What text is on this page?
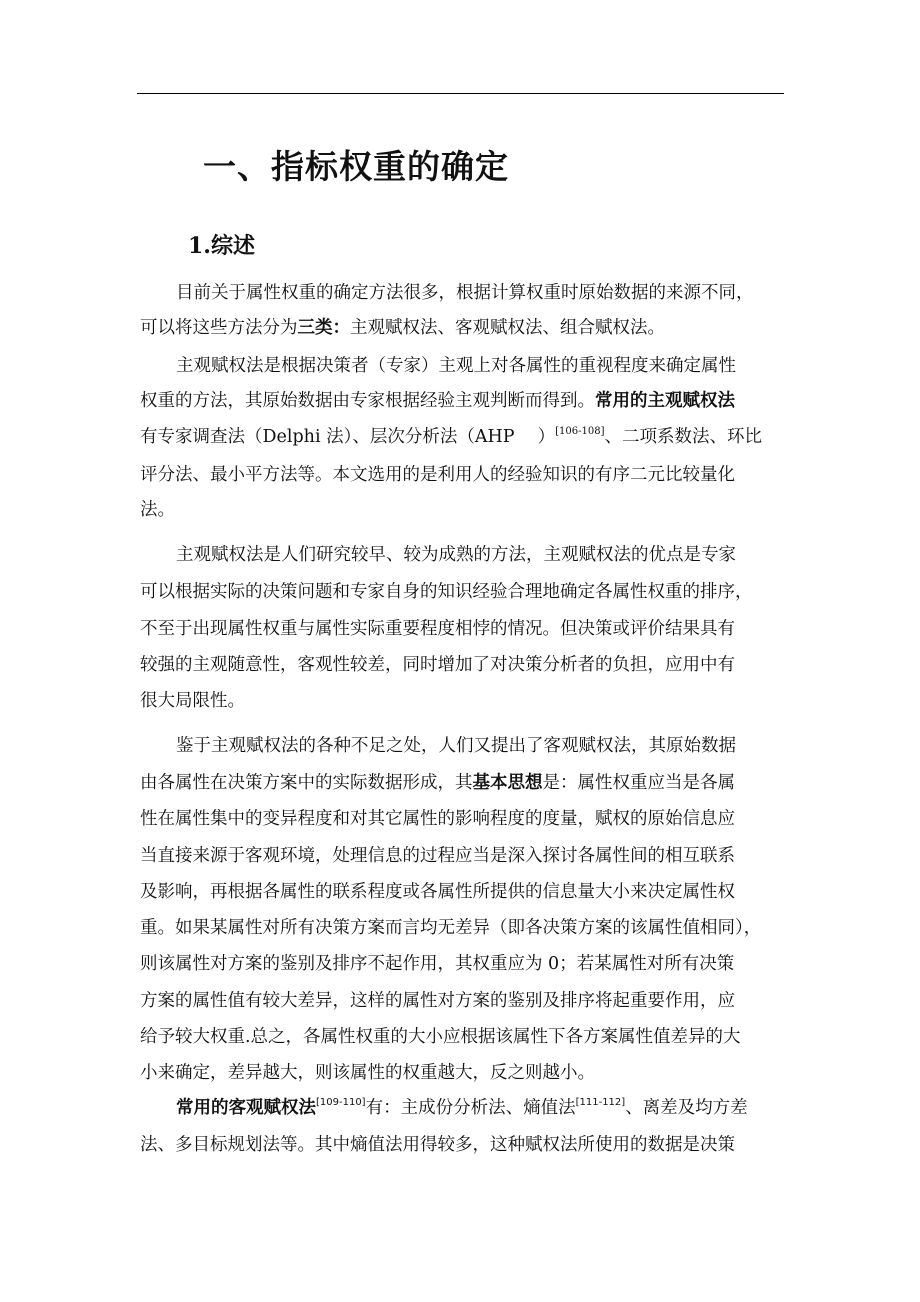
一、指标权重的确定
1.综述
目前关于属性权重的确定方法很多，根据计算权重时原始数据的来源不同，
可以将这些方法分为三类：主观赋权法、客观赋权法、组合赋权法。
主观赋权法是根据决策者（专家）主观上对各属性的重视程度来确定属性
权重的方法，其原始数据由专家根据经验主观判断而得到。常用的主观赋权法
有专家调查法（Delphi 法）、层次分析法（AHP　 ）[106-108]、二项系数法、环比
评分法、最小平方法等。本文选用的是利用人的经验知识的有序二元比较量化
法。
主观赋权法是人们研究较早、较为成熟的方法，主观赋权法的优点是专家
可以根据实际的决策问题和专家自身的知识经验合理地确定各属性权重的排序，
不至于出现属性权重与属性实际重要程度相悖的情况。但决策或评价结果具有
较强的主观随意性，客观性较差，同时增加了对决策分析者的负担，应用中有
很大局限性。
鉴于主观赋权法的各种不足之处，人们又提出了客观赋权法，其原始数据
由各属性在决策方案中的实际数据形成，其基本思想是：属性权重应当是各属
性在属性集中的变异程度和对其它属性的影响程度的度量，赋权的原始信息应
当直接来源于客观环境，处理信息的过程应当是深入探讨各属性间的相互联系
及影响，再根据各属性的联系程度或各属性所提供的信息量大小来决定属性权
重。如果某属性对所有决策方案而言均无差异（即各决策方案的该属性值相同），
则该属性对方案的鉴别及排序不起作用，其权重应为 0；若某属性对所有决策
方案的属性值有较大差异，这样的属性对方案的鉴别及排序将起重要作用，应
给予较大权重.总之，各属性权重的大小应根据该属性下各方案属性值差异的大
小来确定，差异越大，则该属性的权重越大，反之则越小。
常用的客观赋权法[109-110]有：主成份分析法、熵值法[111-112]、离差及均方差
法、多目标规划法等。其中熵值法用得较多，这种赋权法所使用的数据是决策
